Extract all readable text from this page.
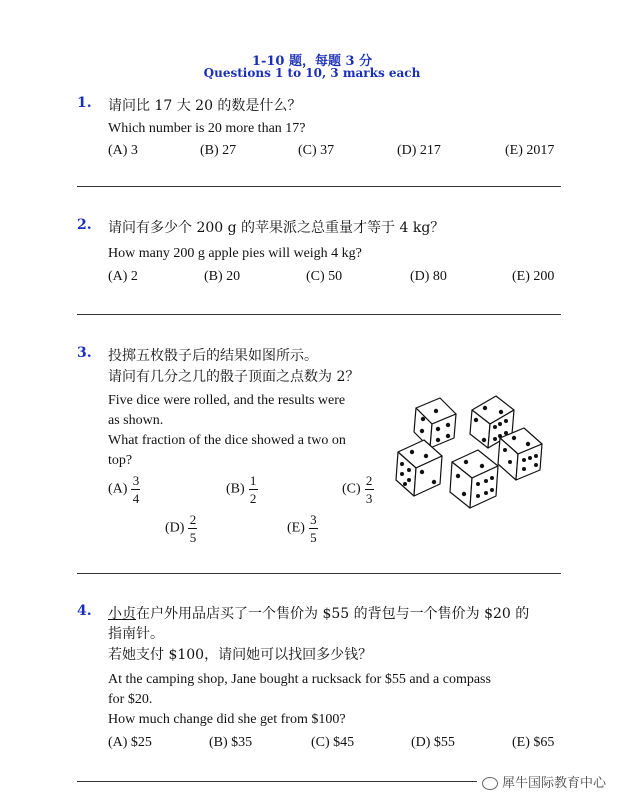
1-10 题，每题 3 分
Questions 1 to 10, 3 marks each
1. 请问比 17 大 20 的数是什么？
Which number is 20 more than 17?
(A) 3	(B) 27	(C) 37	(D) 217	(E) 2017
2. 请问有多少个 200 g 的苹果派之总重量才等于 4 kg？
How many 200 g apple pies will weigh 4 kg?
(A) 2	(B) 20	(C) 50	(D) 80	(E) 200
3. 投掷五枚骰子后的结果如图所示。
请问有几分之几的骰子顶面之点数为 2？
Five dice were rolled, and the results were
as shown.
What fraction of the dice showed a two on
top?
$(A) \frac{3}{4}$	$(B) \frac{1}{2}$	$(C) \frac{2}{3}$
$(D) \frac{2}{5}$	$(E) \frac{3}{5}$
4. 小贞在户外用品店买了一个售价为 $55 的背包与一个售价为 $20 的
指南针。
若她支付 $100，请问她可以找回多少钱？
At the camping shop, Jane bought a rucksack for $55 and a compass
for $20.
How much change did she get from $100?
(A) $25	(B) $35	(C) $45	(D) $55	(E) $65
犀牛国际教育中心
